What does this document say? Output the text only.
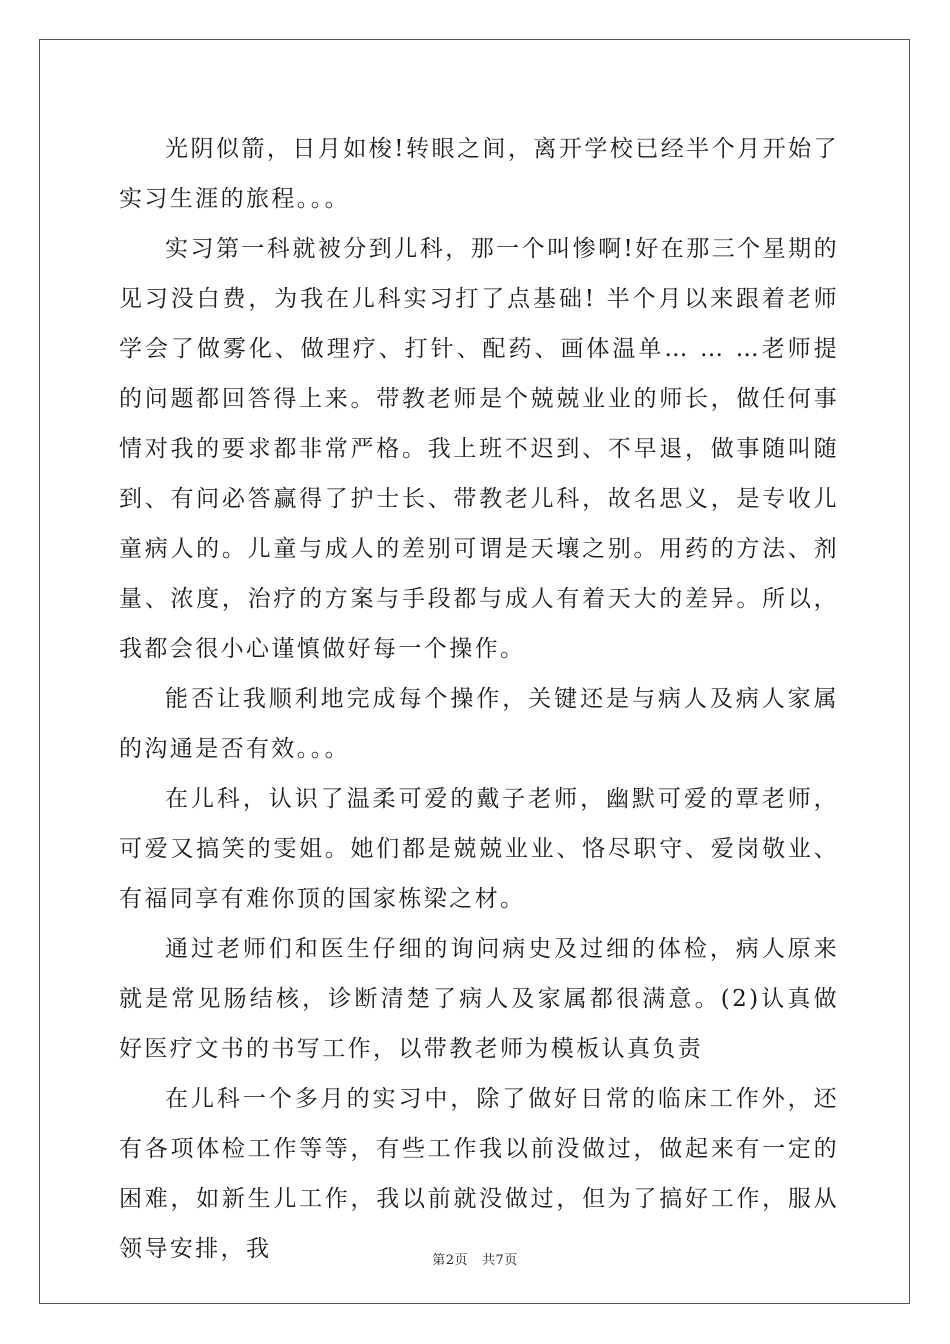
光阴似箭，日月如梭!转眼之间，离开学校已经半个月开始了实习生涯的旅程。。。

实习第一科就被分到儿科，那一个叫惨啊!好在那三个星期的见习没白费，为我在儿科实习打了点基础! 半个月以来跟着老师学会了做雾化、做理疗、打针、配药、画体温单… … …老师提的问题都回答得上来。带教老师是个兢兢业业的师长，做任何事情对我的要求都非常严格。我上班不迟到、不早退，做事随叫随到、有问必答赢得了护士长、带教老儿科，故名思义，是专收儿童病人的。儿童与成人的差别可谓是天壤之别。用药的方法、剂量、浓度，治疗的方案与手段都与成人有着天大的差异。所以，我都会很小心谨慎做好每一个操作。

能否让我顺利地完成每个操作，关键还是与病人及病人家属的沟通是否有效。。。

在儿科，认识了温柔可爱的戴子老师，幽默可爱的覃老师，可爱又搞笑的雯姐。她们都是兢兢业业、恪尽职守、爱岗敬业、有福同享有难你顶的国家栋梁之材。

通过老师们和医生仔细的询问病史及过细的体检，病人原来就是常见肠结核，诊断清楚了病人及家属都很满意。(2)认真做好医疗文书的书写工作，以带教老师为模板认真负责

在儿科一个多月的实习中，除了做好日常的临床工作外，还有各项体检工作等等，有些工作我以前没做过，做起来有一定的困难，如新生儿工作，我以前就没做过，但为了搞好工作，服从领导安排，我	第2页 共7页
